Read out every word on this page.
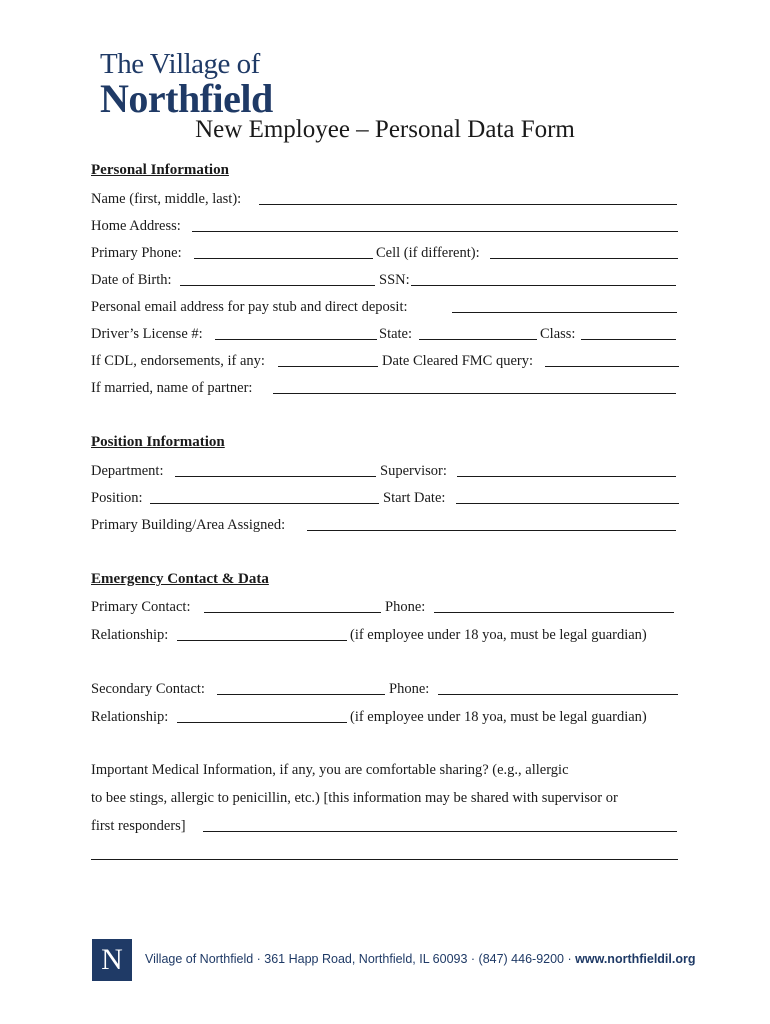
The Village of
Northfield
New Employee – Personal Data Form
Personal Information
Name (first, middle, last):
Home Address:
Primary Phone:	Cell (if different):
Date of Birth:	SSN:
Personal email address for pay stub and direct deposit:
Driver’s License #:	State:	Class:
If CDL, endorsements, if any:	Date Cleared FMC query:
If married, name of partner:
Position Information
Department:	Supervisor:
Position:	Start Date:
Primary Building/Area Assigned:
Emergency Contact & Data
Primary Contact:	Phone:
Relationship:	(if employee under 18 yoa, must be legal guardian)
Secondary Contact:	Phone:
Relationship:	(if employee under 18 yoa, must be legal guardian)
Important Medical Information, if any, you are comfortable sharing? (e.g., allergic
to bee stings, allergic to penicillin, etc.) [this information may be shared with supervisor or
first responders]
N	Village of Northfield · 361 Happ Road, Northfield, IL 60093 · (847) 446-9200 · www.northfieldil.org
